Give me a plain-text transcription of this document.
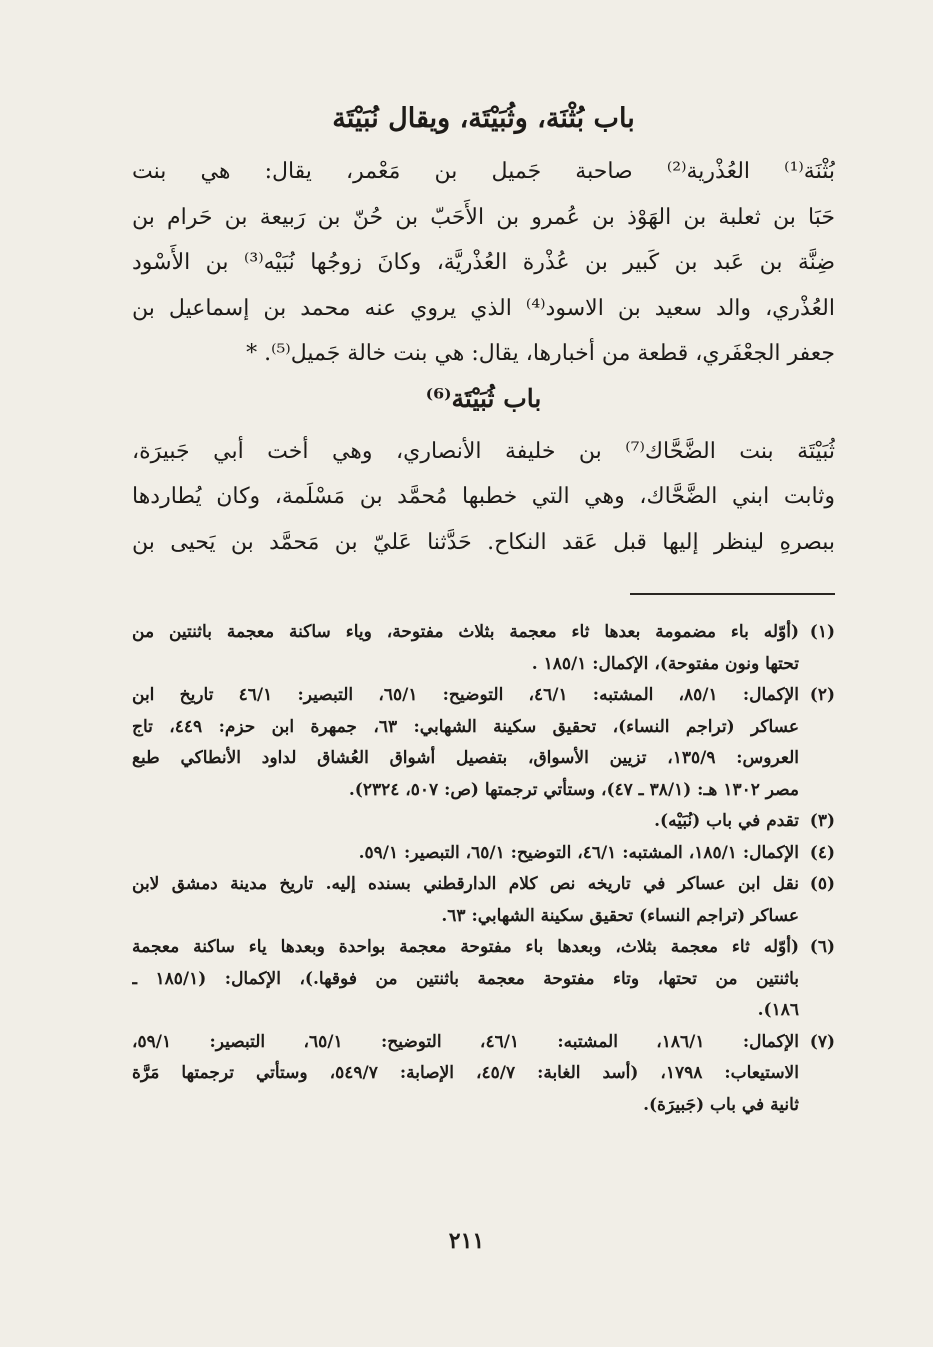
باب بُثْنَة، وثُبَيْتَة، ويقال نُبَيْتَة
بُثْنَة⁽¹⁾ العُذْرية⁽²⁾ صاحبة جَميل بن مَعْمر، يقال: هي بنت
حَبَا بن ثعلبة بن الهَوْذ بن عُمرو بن الأَحَبّ بن حُنّ بن رَبيعة بن حَرام بن
ضِنَّة بن عَبد بن كَبير بن عُذْرة العُذْريَّة، وكانَ زوجُها نُبَيْه⁽³⁾ بن الأَسْود
العُذْري، والد سعيد بن الاسود⁽⁴⁾ الذي يروي عنه محمد بن إسماعيل بن
جعفر الجعْفَري، قطعة من أخبارها، يقال: هي بنت خالة جَميل⁽⁵⁾. *
باب ثُبَيْتَة⁽⁶⁾
ثُبَيْتَة بنت الضَّحَّاك⁽⁷⁾ بن خليفة الأنصاري، وهي أخت أبي جَبيرَة،
وثابت ابني الضَّحَّاك، وهي التي خطبها مُحمَّد بن مَسْلَمة، وكان يُطاردها
ببصرهِ لينظر إليها قبل عَقد النكاح. حَدَّثنا عَليّ بن مَحمَّد بن يَحيى بن
(١)
(أوّله باء مضمومة بعدها ثاء معجمة بثلاث مفتوحة، وياء ساكنة معجمة باثنتين من
تحتها ونون مفتوحة)، الإكمال: ١٨٥/١ .
(٢)
الإكمال: ٨٥/١، المشتبه: ٤٦/١، التوضيح: ٦٥/١، التبصير: ٤٦/١ تاريخ ابن
عساكر (تراجم النساء)، تحقيق سكينة الشهابي: ٦٣، جمهرة ابن حزم: ٤٤٩، تاج
العروس: ١٣٥/٩، تزيين الأسواق، بتفصيل أشواق العُشاق لداود الأنطاكي طبع
مصر ١٣٠٢ هـ: (٣٨/١ ـ ٤٧)، وستأتي ترجمتها (ص: ٥٠٧، ٢٣٢٤).
(٣)
تقدم في باب (نُبَيْه).
(٤)
الإكمال: ١٨٥/١، المشتبه: ٤٦/١، التوضيح: ٦٥/١، التبصير: ٥٩/١.
(٥)
نقل ابن عساكر في تاريخه نص كلام الدارقطني بسنده إليه. تاريخ مدينة دمشق لابن
عساكر (تراجم النساء) تحقيق سكينة الشهابي: ٦٣.
(٦)
(أوّله ثاء معجمة بثلاث، وبعدها باء مفتوحة معجمة بواحدة وبعدها ياء ساكنة معجمة
باثنتين من تحتها، وتاء مفتوحة معجمة باثنتين من فوقها.)، الإكمال: (١٨٥/١ ـ
١٨٦).
(٧)
الإكمال: ١٨٦/١، المشتبه: ٤٦/١، التوضيح: ٦٥/١، التبصير: ٥٩/١،
الاستيعاب: ١٧٩٨، (أسد الغابة: ٤٥/٧، الإصابة: ٥٤٩/٧، وستأتي ترجمتها مَرَّة
ثانية في باب (جَبيرَة).
٢١١
